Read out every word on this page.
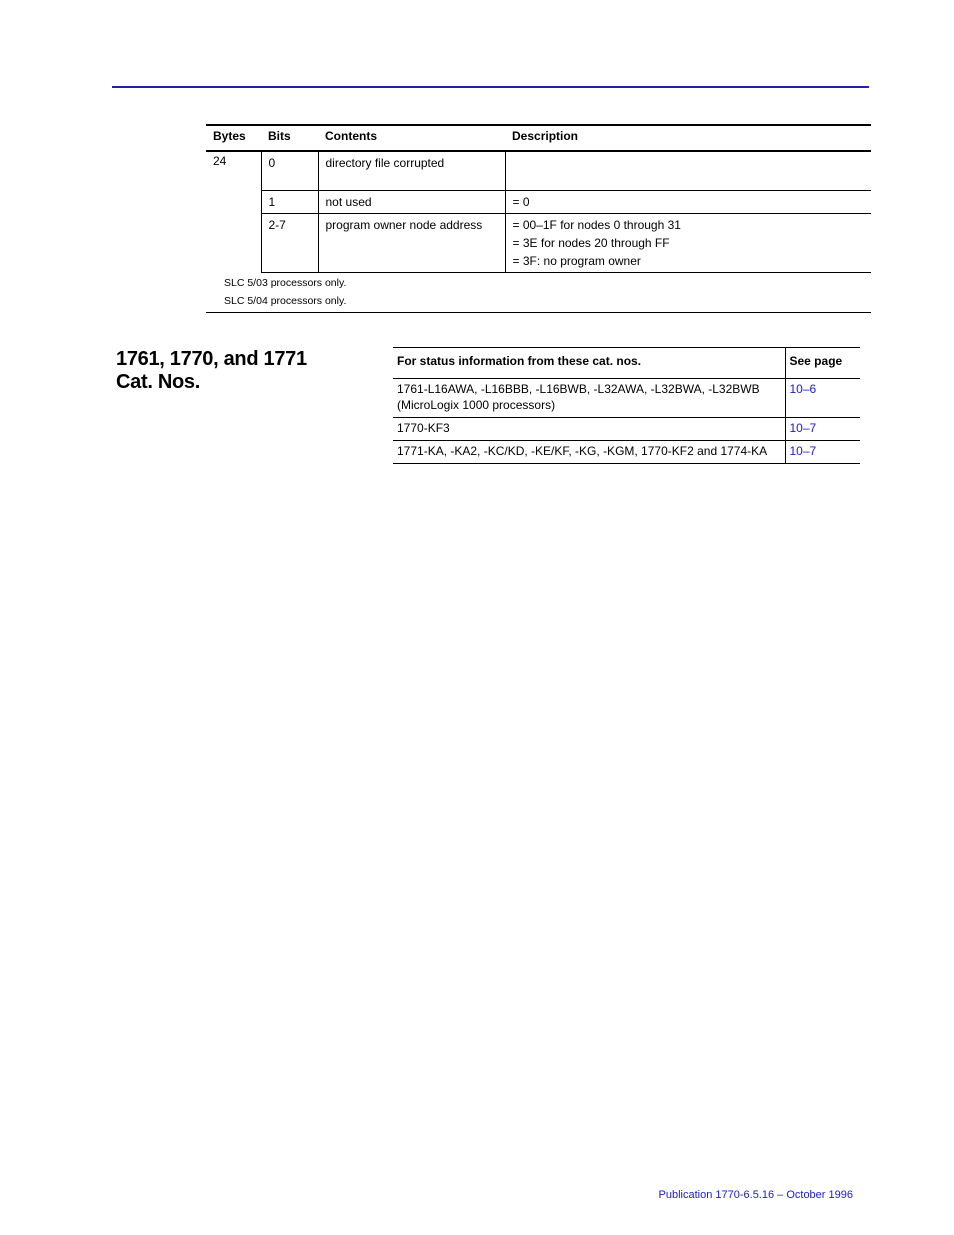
Bytes	Bits	Contents	Description
24	0	directory file corrupted	
	1	not used	= 0
	2-7	program owner node address	= 00–1F for nodes 0 through 31
= 3E for nodes 20 through FF
= 3F: no program owner

SLC 5/03 processors only.			
SLC 5/04 processors only.			
1761, 1770, and 1771
Cat. Nos.
For status information from these cat. nos.	See page

1761-L16AWA, -L16BBB, -L16BWB, -L32AWA, -L32BWA, -L32BWB
(MicroLogix 1000 processors)	10–6
1770-KF3	10–7
1771-KA, -KA2, -KC/KD, -KE/KF, -KG, -KGM, 1770-KF2 and 1774-KA	10–7
Publication 1770-6.5.16 – October 1996
